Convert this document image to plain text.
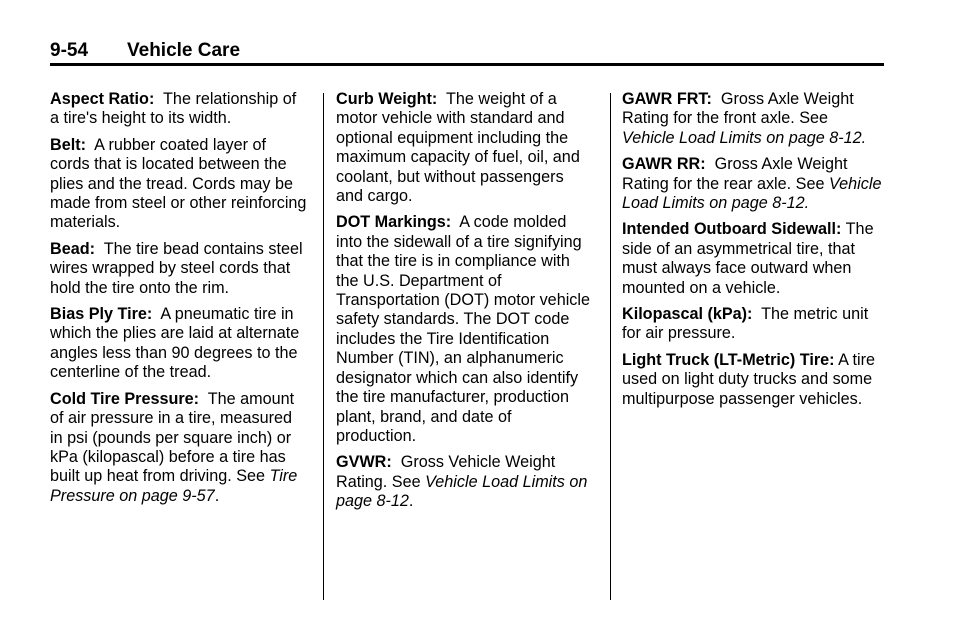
9-54 Vehicle Care

Aspect Ratio: The relationship of a tire's height to its width.

Belt: A rubber coated layer of cords that is located between the plies and the tread. Cords may be made from steel or other reinforcing materials.

Bead: The tire bead contains steel wires wrapped by steel cords that hold the tire onto the rim.

Bias Ply Tire: A pneumatic tire in which the plies are laid at alternate angles less than 90 degrees to the centerline of the tread.

Cold Tire Pressure: The amount of air pressure in a tire, measured in psi (pounds per square inch) or kPa (kilopascal) before a tire has built up heat from driving. See Tire Pressure on page 9-57.

Curb Weight: The weight of a motor vehicle with standard and optional equipment including the maximum capacity of fuel, oil, and coolant, but without passengers and cargo.

DOT Markings: A code molded into the sidewall of a tire signifying that the tire is in compliance with the U.S. Department of Transportation (DOT) motor vehicle safety standards. The DOT code includes the Tire Identification Number (TIN), an alphanumeric designator which can also identify the tire manufacturer, production plant, brand, and date of production.

GVWR: Gross Vehicle Weight Rating. See Vehicle Load Limits on page 8-12.

GAWR FRT: Gross Axle Weight Rating for the front axle. See Vehicle Load Limits on page 8-12.

GAWR RR: Gross Axle Weight Rating for the rear axle. See Vehicle Load Limits on page 8-12.

Intended Outboard Sidewall: The side of an asymmetrical tire, that must always face outward when mounted on a vehicle.

Kilopascal (kPa): The metric unit for air pressure.

Light Truck (LT-Metric) Tire: A tire used on light duty trucks and some multipurpose passenger vehicles.
